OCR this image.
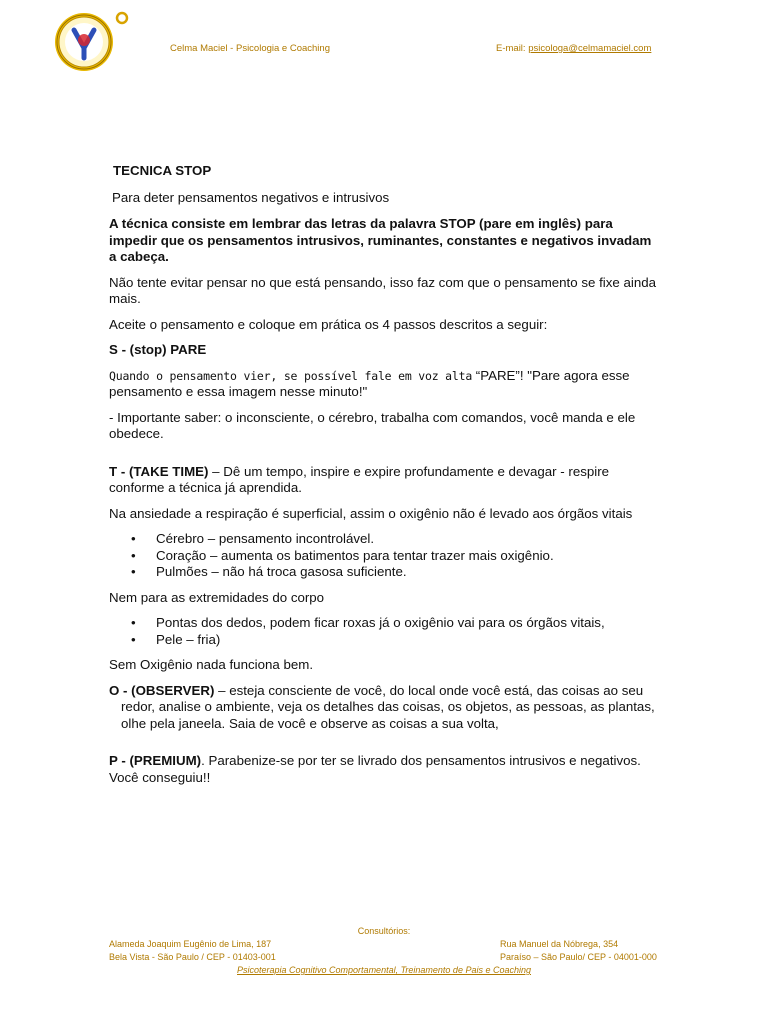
Celma Maciel - Psicologia e Coaching	E-mail: psicologa@celmamaciel.com

TECNICA STOP

Para deter pensamentos negativos e intrusivos

A técnica consiste em lembrar das letras da palavra STOP (pare em inglês) para impedir que os pensamentos intrusivos, ruminantes, constantes e negativos invadam a cabeça.

Não tente evitar pensar no que está pensando, isso faz com que o pensamento se fixe ainda mais.

Aceite o pensamento e coloque em prática os 4 passos descritos a seguir:

S - (stop) PARE

Quando o pensamento vier, se possível fale em voz alta “PARE”! "Pare agora esse pensamento e essa imagem nesse minuto!"

- Importante saber: o inconsciente, o cérebro, trabalha com comandos, você manda e ele obedece.

T - (TAKE TIME) – Dê um tempo, inspire e expire profundamente e devagar - respire conforme a técnica já aprendida.

Na ansiedade a respiração é superficial, assim o oxigênio não é levado aos órgãos vitais

• Cérebro – pensamento incontrolável.
• Coração – aumenta os batimentos para tentar trazer mais oxigênio.
• Pulmões – não há troca gasosa suficiente.

Nem para as extremidades do corpo

• Pontas dos dedos, podem ficar roxas já o oxigênio vai para os órgãos vitais,
• Pele – fria)

Sem Oxigênio nada funciona bem.

O - (OBSERVER) – esteja consciente de você, do local onde você está, das coisas ao seu redor, analise o ambiente, veja os detalhes das coisas, os objetos, as pessoas, as plantas, olhe pela janeela. Saia de você e observe as coisas a sua volta,

P - (PREMIUM). Parabenize-se por ter se livrado dos pensamentos intrusivos e negativos. Você conseguiu!!

Consultórios:
Alameda Joaquim Eugênio de Lima, 187	Rua Manuel da Nóbrega, 354
Bela Vista - São Paulo / CEP - 01403-001	Paraíso – São Paulo/ CEP - 04001-000
Psicoterapia Cognitivo Comportamental, Treinamento de Pais e Coaching
